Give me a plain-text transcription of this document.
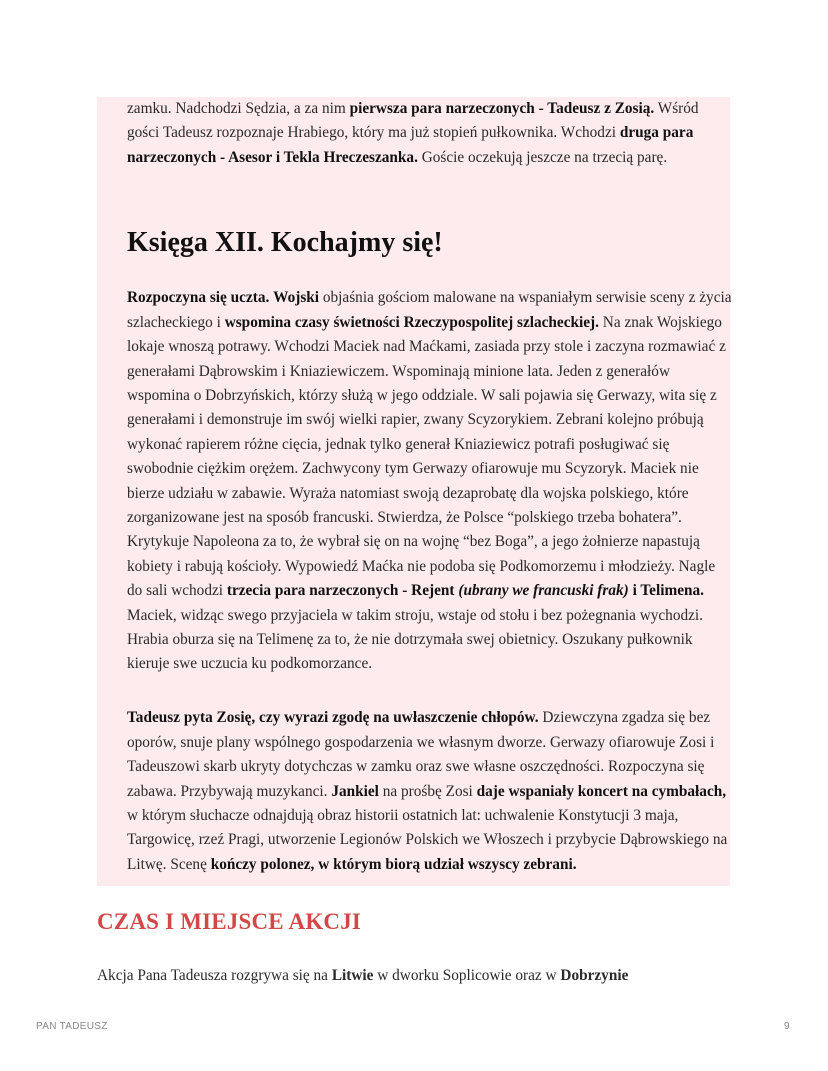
zamku. Nadchodzi Sędzia, a za nim pierwsza para narzeczonych - Tadeusz z Zosią. Wśród gości Tadeusz rozpoznaje Hrabiego, który ma już stopień pułkownika. Wchodzi druga para narzeczonych - Asesor i Tekla Hreczeszanka. Goście oczekują jeszcze na trzecią parę.

Księga XII. Kochajmy się!

Rozpoczyna się uczta. Wojski objaśnia gościom malowane na wspaniałym serwisie sceny z życia szlacheckiego i wspomina czasy świetności Rzeczypospolitej szlacheckiej. Na znak Wojskiego lokaje wnoszą potrawy. Wchodzi Maciek nad Maćkami, zasiada przy stole i zaczyna rozmawiać z generałami Dąbrowskim i Kniaziewiczem. Wspominają minione lata. Jeden z generałów wspomina o Dobrzyńskich, którzy służą w jego oddziale. W sali pojawia się Gerwazy, wita się z generałami i demonstruje im swój wielki rapier, zwany Scyzorykiem. Zebrani kolejno próbują wykonać rapierem różne cięcia, jednak tylko generał Kniaziewicz potrafi posługiwać się swobodnie ciężkim orężem. Zachwycony tym Gerwazy ofiarowuje mu Scyzoryk. Maciek nie bierze udziału w zabawie. Wyraża natomiast swoją dezaprobatę dla wojska polskiego, które zorganizowane jest na sposób francuski. Stwierdza, że Polsce “polskiego trzeba bohatera”. Krytykuje Napoleona za to, że wybrał się on na wojnę “bez Boga”, a jego żołnierze napastują kobiety i rabują kościoły. Wypowiedź Maćka nie podoba się Podkomorzemu i młodzieży. Nagle do sali wchodzi trzecia para narzeczonych - Rejent (ubrany we francuski frak) i Telimena. Maciek, widząc swego przyjaciela w takim stroju, wstaje od stołu i bez pożegnania wychodzi. Hrabia oburza się na Telimenę za to, że nie dotrzymała swej obietnicy. Oszukany pułkownik kieruje swe uczucia ku podkomorzance.

Tadeusz pyta Zosię, czy wyrazi zgodę na uwłaszczenie chłopów. Dziewczyna zgadza się bez oporów, snuje plany wspólnego gospodarzenia we własnym dworze. Gerwazy ofiarowuje Zosi i Tadeuszowi skarb ukryty dotychczas w zamku oraz swe własne oszczędności. Rozpoczyna się zabawa. Przybywają muzykanci. Jankiel na prośbę Zosi daje wspaniały koncert na cymbałach, w którym słuchacze odnajdują obraz historii ostatnich lat: uchwalenie Konstytucji 3 maja, Targowicę, rzeź Pragi, utworzenie Legionów Polskich we Włoszech i przybycie Dąbrowskiego na Litwę. Scenę kończy polonez, w którym biorą udział wszyscy zebrani.

CZAS I MIEJSCE AKCJI

Akcja Pana Tadeusza rozgrywa się na Litwie w dworku Soplicowie oraz w Dobrzynie

PAN TADEUSZ	9
